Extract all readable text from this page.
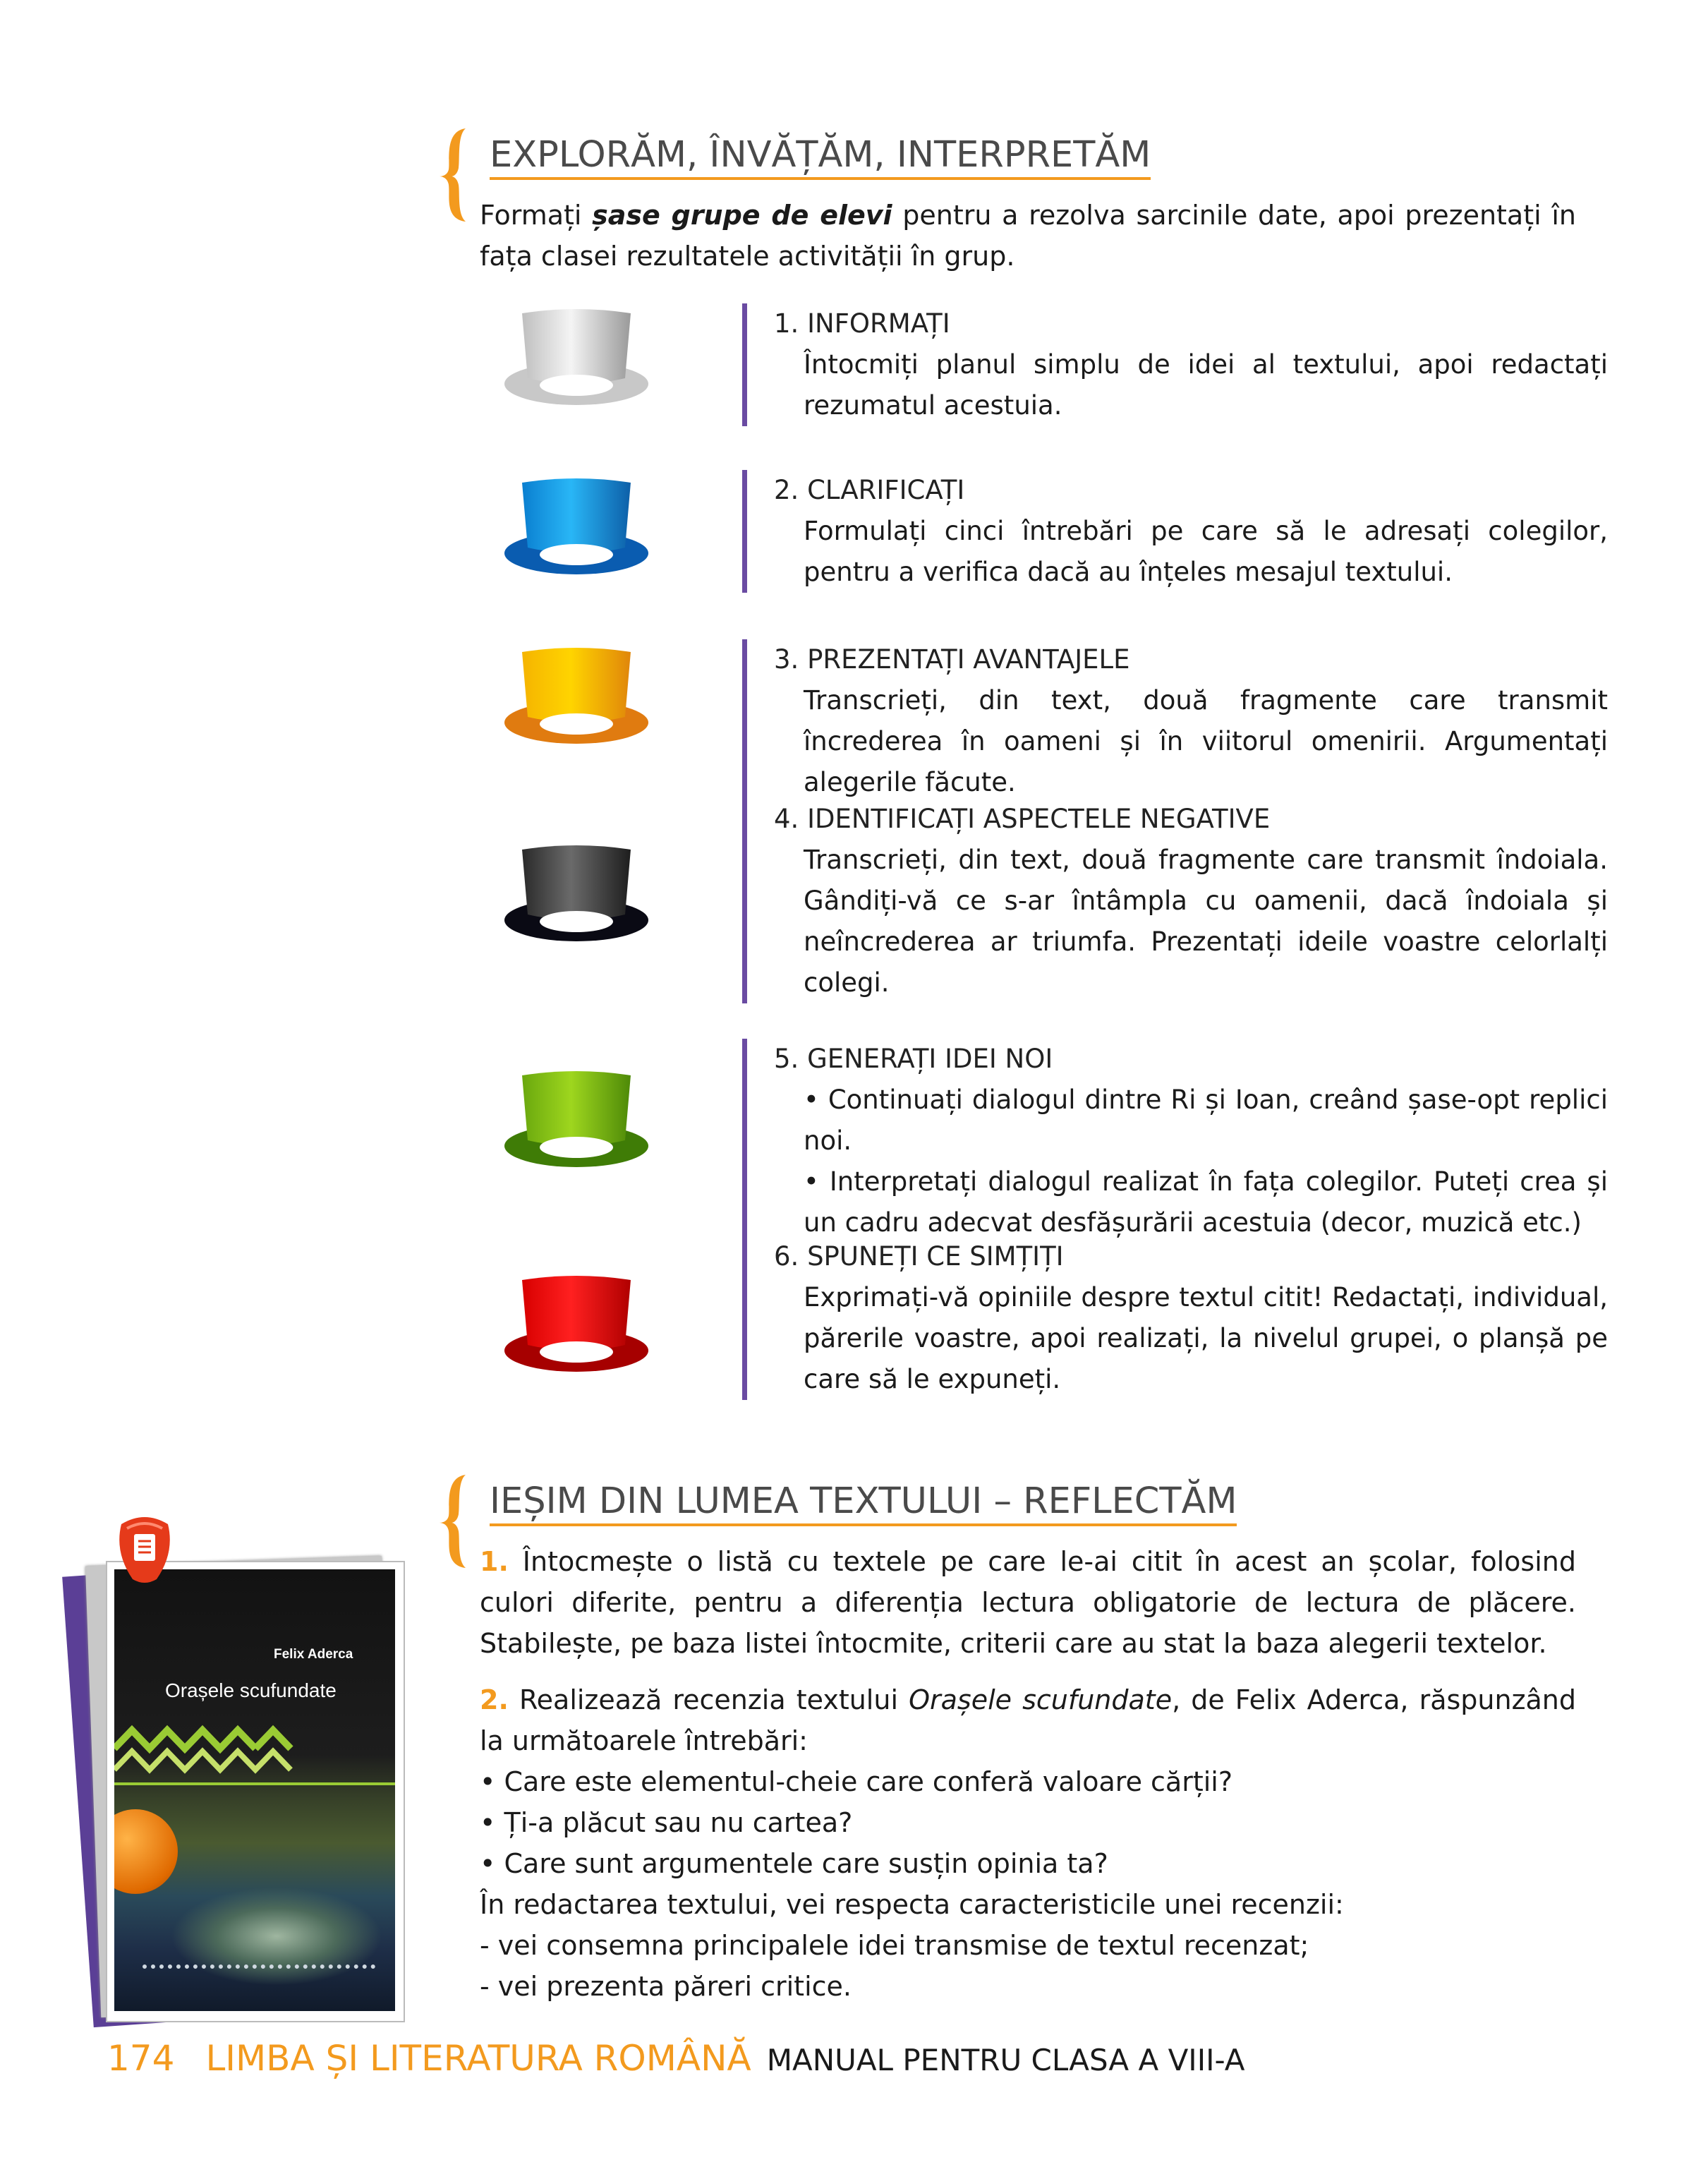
EXPLORĂM, ÎNVĂȚĂM, INTERPRETĂM
Formați șase grupe de elevi pentru a rezolva sarcinile date, apoi prezentați în fața clasei rezultatele activității în grup.
1. INFORMAȚI

Întocmiți planul simplu de idei al textului, apoi redactați rezumatul acestuia.

2. CLARIFICAȚI

Formulați cinci întrebări pe care să le adresați colegilor, pentru a verifica dacă au înțeles mesajul textului.

3. PREZENTAȚI AVANTAJELE

Transcrieți, din text, două fragmente care transmit încrederea în oameni și în viitorul omenirii. Argumentați alegerile făcute.

4. IDENTIFICAȚI ASPECTELE NEGATIVE

Transcrieți, din text, două fragmente care transmit îndoiala. Gândiți-vă ce s-ar întâmpla cu oamenii, dacă îndoiala și neîncrederea ar triumfa. Prezentați ideile voastre celorlalți colegi.

5. GENERAȚI IDEI NOI

• Continuați dialogul dintre Ri și Ioan, creând șase-opt replici noi.

• Interpretați dialogul realizat în fața colegilor. Puteți crea și un cadru adecvat desfășurării acestuia (decor, muzică etc.)

6. SPUNEȚI CE SIMȚIȚI

Exprimați-vă opiniile despre textul citit! Redactați, individual, părerile voastre, apoi realizați, la nivelul grupei, o planșă pe care să le expuneți.

IEȘIM DIN LUMEA TEXTULUI – REFLECTĂM
Felix Aderca
Orașele scufundate

1. Întocmește o listă cu textele pe care le-ai citit în acest an școlar, folosind culori diferite, pentru a diferenția lectura obligatorie de lectura de plăcere. Stabilește, pe baza listei întocmite, criterii care au stat la baza alegerii textelor.

2. Realizează recenzia textului Orașele scufundate, de Felix Aderca, răspunzând la următoarele întrebări:

• Care este elementul-cheie care conferă valoare cărții?

• Ți-a plăcut sau nu cartea?

• Care sunt argumentele care susțin opinia ta?

În redactarea textului, vei respecta caracteristicile unei recenzii:

- vei consemna principalele idei transmise de textul recenzat;

- vei prezenta păreri critice.

174 LIMBA ȘI LITERATURA ROMÂNĂ MANUAL PENTRU CLASA A VIII-A
